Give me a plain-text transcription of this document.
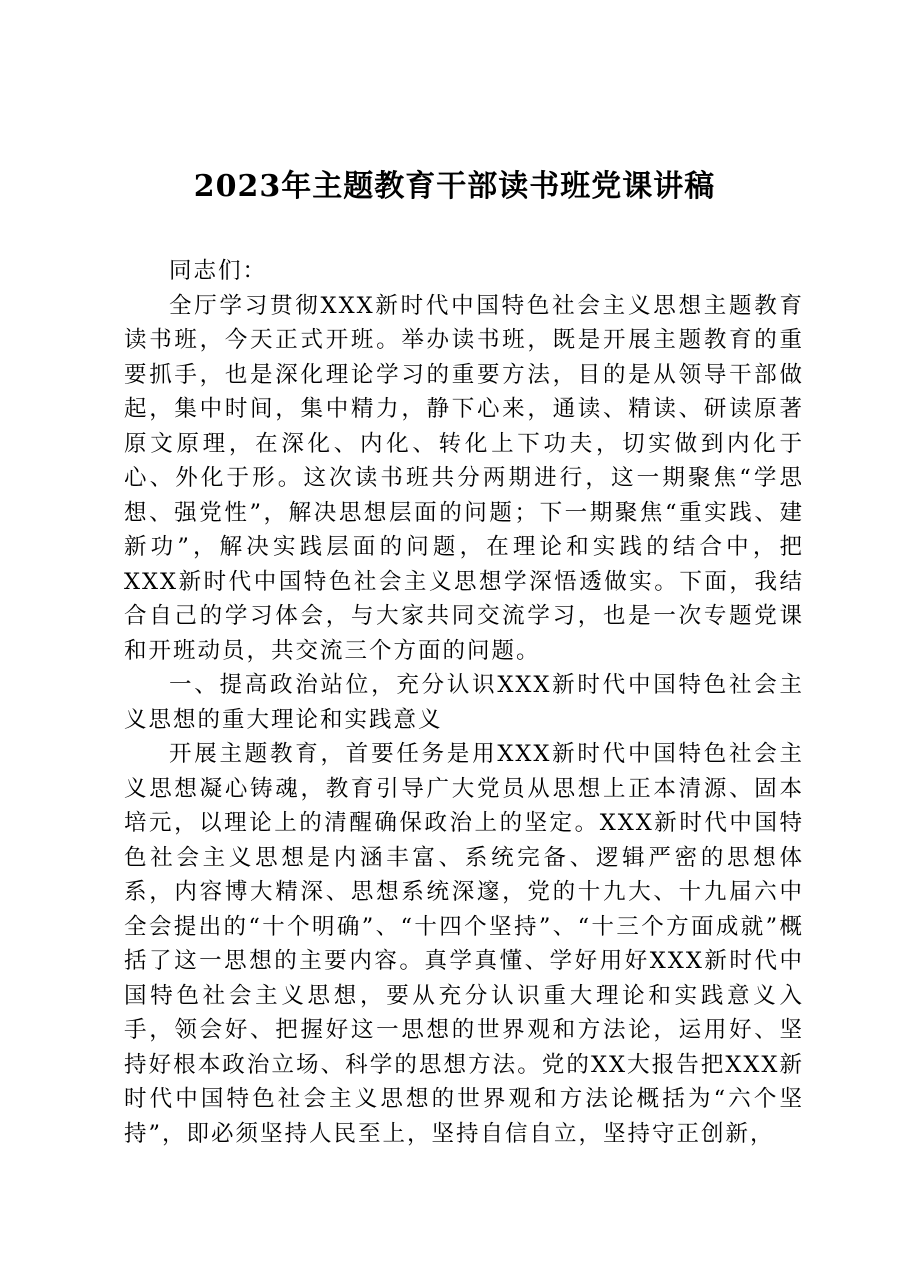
2023年主题教育干部读书班党课讲稿

同志们：

全厅学习贯彻XXX新时代中国特色社会主义思想主题教育读书班，今天正式开班。举办读书班，既是开展主题教育的重要抓手，也是深化理论学习的重要方法，目的是从领导干部做起，集中时间，集中精力，静下心来，通读、精读、研读原著原文原理，在深化、内化、转化上下功夫，切实做到内化于心、外化于形。这次读书班共分两期进行，这一期聚焦“学思想、强党性”，解决思想层面的问题；下一期聚焦“重实践、建新功”，解决实践层面的问题，在理论和实践的结合中，把XXX新时代中国特色社会主义思想学深悟透做实。下面，我结合自己的学习体会，与大家共同交流学习，也是一次专题党课和开班动员，共交流三个方面的问题。

一、提高政治站位，充分认识XXX新时代中国特色社会主义思想的重大理论和实践意义

开展主题教育，首要任务是用XXX新时代中国特色社会主义思想凝心铸魂，教育引导广大党员从思想上正本清源、固本培元，以理论上的清醒确保政治上的坚定。XXX新时代中国特色社会主义思想是内涵丰富、系统完备、逻辑严密的思想体系，内容博大精深、思想系统深邃，党的十九大、十九届六中全会提出的“十个明确”、“十四个坚持”、“十三个方面成就”概括了这一思想的主要内容。真学真懂、学好用好XXX新时代中国特色社会主义思想，要从充分认识重大理论和实践意义入手，领会好、把握好这一思想的世界观和方法论，运用好、坚持好根本政治立场、科学的思想方法。党的XX大报告把XXX新时代中国特色社会主义思想的世界观和方法论概括为“六个坚持”，即必须坚持人民至上，坚持自信自立，坚持守正创新，
